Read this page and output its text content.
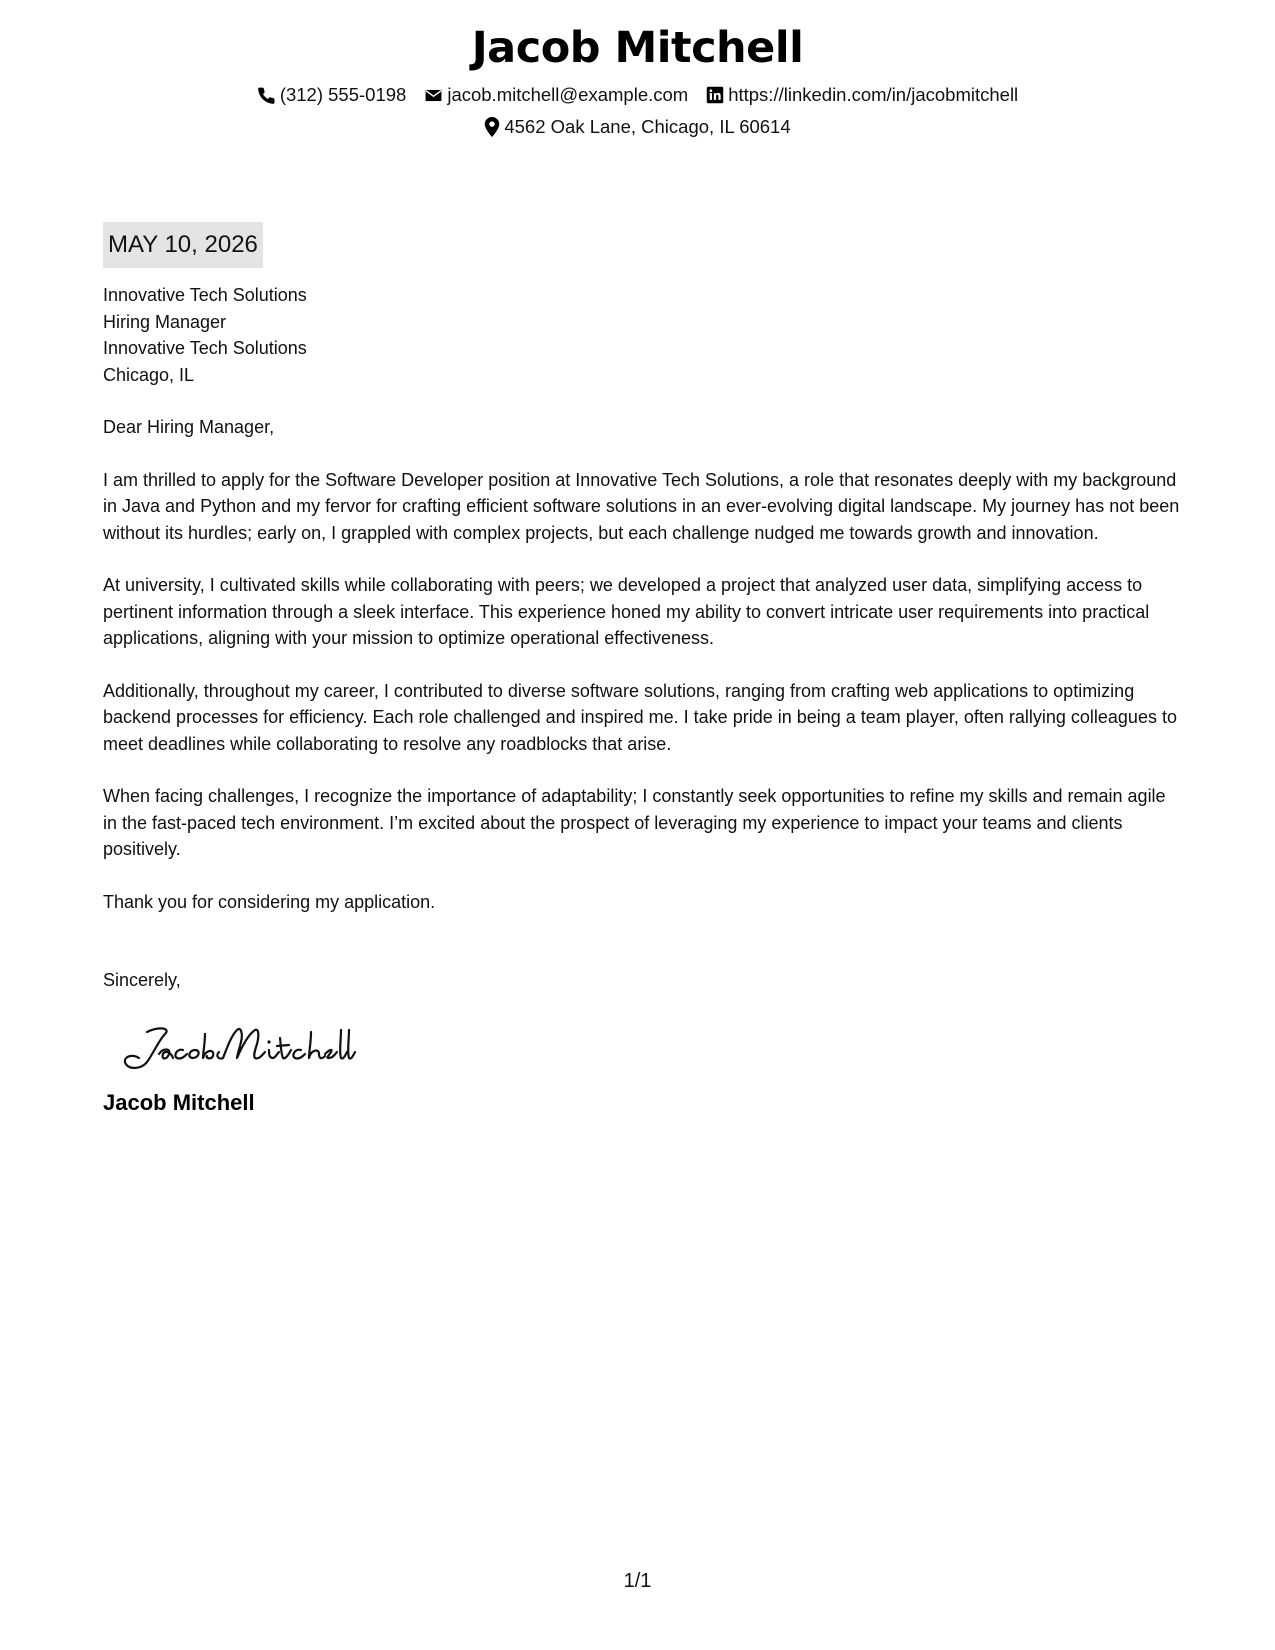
Jacob Mitchell
(312) 555-0198 jacob.mitchell@example.com https://linkedin.com/in/jacobmitchell
4562 Oak Lane, Chicago, IL 60614
MAY 10, 2026
Innovative Tech Solutions
Hiring Manager
Innovative Tech Solutions
Chicago, IL

Dear Hiring Manager,

I am thrilled to apply for the Software Developer position at Innovative Tech Solutions, a role that resonates deeply with my background in Java and Python and my fervor for crafting efficient software solutions in an ever-evolving digital landscape. My journey has not been without its hurdles; early on, I grappled with complex projects, but each challenge nudged me towards growth and innovation.

At university, I cultivated skills while collaborating with peers; we developed a project that analyzed user data, simplifying access to pertinent information through a sleek interface. This experience honed my ability to convert intricate user requirements into practical applications, aligning with your mission to optimize operational effectiveness.

Additionally, throughout my career, I contributed to diverse software solutions, ranging from crafting web applications to optimizing backend processes for efficiency. Each role challenged and inspired me. I take pride in being a team player, often rallying colleagues to meet deadlines while collaborating to resolve any roadblocks that arise.

When facing challenges, I recognize the importance of adaptability; I constantly seek opportunities to refine my skills and remain agile in the fast-paced tech environment. I’m excited about the prospect of leveraging my experience to impact your teams and clients positively.

Thank you for considering my application.

Sincerely,
Jacob Mitchell
1/1
